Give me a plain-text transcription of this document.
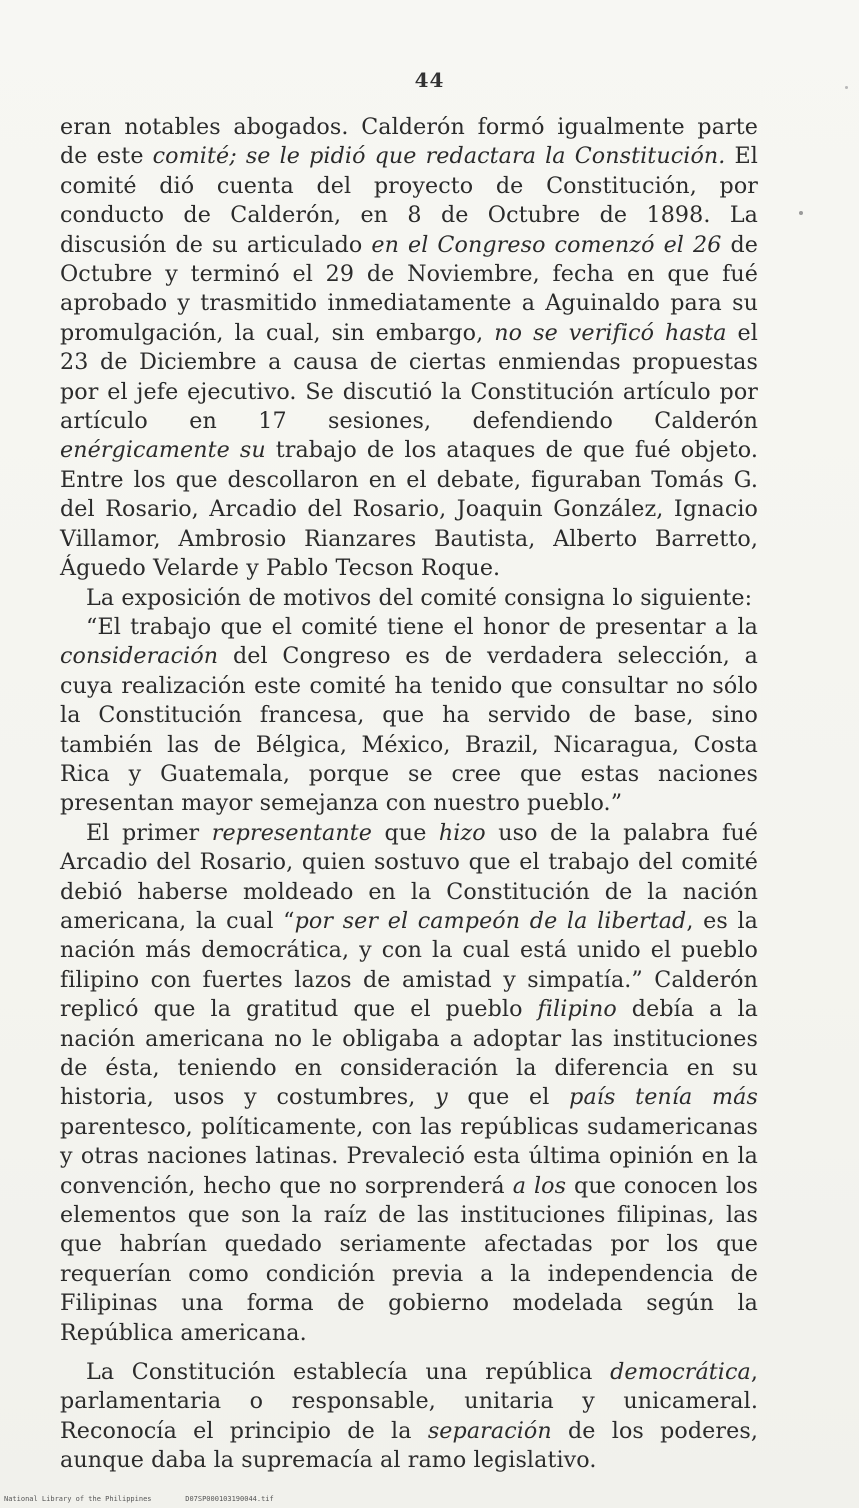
44

eran notables abogados. Calderón formó igualmente parte de este comité; se le pidió que redactara la Constitución. El comité dió cuenta del proyecto de Constitución, por conducto de Calderón, en 8 de Octubre de 1898. La discusión de su articulado en el Congreso comenzó el 26 de Octubre y terminó el 29 de Noviembre, fecha en que fué aprobado y trasmitido inmediatamente a Aguinaldo para su promulgación, la cual, sin embargo, no se verificó hasta el 23 de Diciembre a causa de ciertas enmiendas propuestas por el jefe ejecutivo. Se discutió la Constitución artículo por artículo en 17 sesiones, defendiendo Calderón enérgicamente su trabajo de los ataques de que fué objeto. Entre los que descollaron en el debate, figuraban Tomás G. del Rosario, Arcadio del Rosario, Joaquin González, Ignacio Villamor, Ambrosio Rianzares Bautista, Alberto Barretto, Águedo Velarde y Pablo Tecson Roque.

La exposición de motivos del comité consigna lo siguiente:

“El trabajo que el comité tiene el honor de presentar a la consideración del Congreso es de verdadera selección, a cuya realización este comité ha tenido que consultar no sólo la Constitución francesa, que ha servido de base, sino también las de Bélgica, México, Brazil, Nicaragua, Costa Rica y Guatemala, porque se cree que estas naciones presentan mayor semejanza con nuestro pueblo.”

El primer representante que hizo uso de la palabra fué Arcadio del Rosario, quien sostuvo que el trabajo del comité debió haberse moldeado en la Constitución de la nación americana, la cual “por ser el campeón de la libertad, es la nación más democrática, y con la cual está unido el pueblo filipino con fuertes lazos de amistad y simpatía.” Calderón replicó que la gratitud que el pueblo filipino debía a la nación americana no le obligaba a adoptar las instituciones de ésta, teniendo en consideración la diferencia en su historia, usos y costumbres, y que el país tenía más parentesco, políticamente, con las repúblicas sudamericanas y otras naciones latinas. Prevaleció esta última opinión en la convención, hecho que no sorprenderá a los que conocen los elementos que son la raíz de las instituciones filipinas, las que habrían quedado seriamente afectadas por los que requerían como condición previa a la independencia de Filipinas una forma de gobierno modelada según la República americana.

La Constitución establecía una república democrática, parlamentaria o responsable, unitaria y unicameral. Reconocía el principio de la separación de los poderes, aunque daba la supremacía al ramo legislativo.

National Library of the Philippines	D07SP000103190044.tif
